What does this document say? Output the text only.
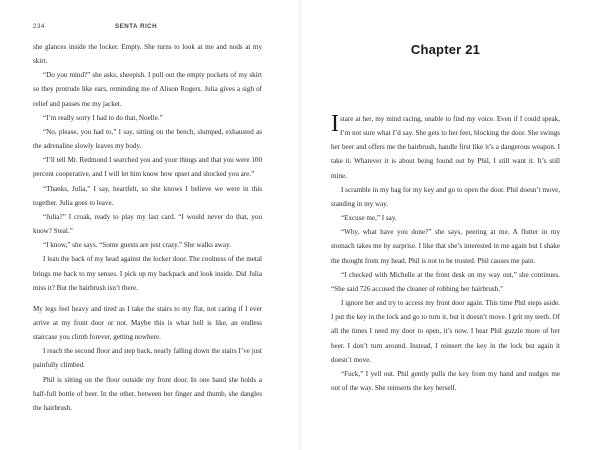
234	SENTA RICH

she glances inside the locker. Empty. She turns to look at me and nods at my skirt.

“Do you mind?” she asks, sheepish. I pull out the empty pockets of my skirt so they protrude like ears, reminding me of Alison Rogers. Julia gives a sigh of relief and passes me my jacket.

“I’m really sorry I had to do that, Noelle.”

“No, please, you had to,” I say, sitting on the bench, slumped, exhausted as the adrenaline slowly leaves my body.

“I’ll tell Mr. Redmond I searched you and your things and that you were 100 percent cooperative, and I will let him know how upset and shocked you are.”

“Thanks, Julia,” I say, heartfelt, so she knows I believe we were in this together. Julia goes to leave.

“Julia?” I croak, ready to play my last card. “I would never do that, you know? Steal.”

“I know,” she says. “Some guests are just crazy.” She walks away.

I lean the back of my head against the locker door. The coolness of the metal brings me back to my senses. I pick up my backpack and look inside. Did Julia miss it? But the hairbrush isn’t there.

My legs feel heavy and tired as I take the stairs to my flat, not caring if I ever arrive at my front door or not. Maybe this is what hell is like, an endless staircase you climb forever, getting nowhere.

I reach the second floor and step back, nearly falling down the stairs I’ve just painfully climbed.

Phil is sitting on the floor outside my front door. In one hand she holds a half-full bottle of beer. In the other, between her finger and thumb, she dangles the hairbrush.

Chapter 21

I stare at her, my mind racing, unable to find my voice. Even if I could speak, I’m not sure what I’d say. She gets to her feet, blocking the door. She swings her beer and offers me the hairbrush, handle first like it’s a dangerous weapon. I take it. Whatever it is about being found out by Phil, I still want it. It’s still mine.

I scramble in my bag for my key and go to open the door. Phil doesn’t move, standing in my way.

“Excuse me,” I say.

“Why, what have you done?” she says, peering at me. A flutter in my stomach takes me by surprise. I like that she’s interested in me again but I shake the thought from my head. Phil is not to be trusted. Phil causes me pain.

“I checked with Michelle at the front desk on my way out,” she continues. “She said 726 accused the cleaner of robbing her hairbrush.”

I ignore her and try to access my front door again. This time Phil steps aside. I put the key in the lock and go to turn it, but it doesn’t move. I grit my teeth. Of all the times I need my door to open, it’s now. I hear Phil guzzle more of her beer. I don’t turn around. Instead, I reinsert the key in the lock but again it doesn’t move.

“Fuck,” I yell out. Phil gently pulls the key from my hand and nudges me out of the way. She reinserts the key herself.
